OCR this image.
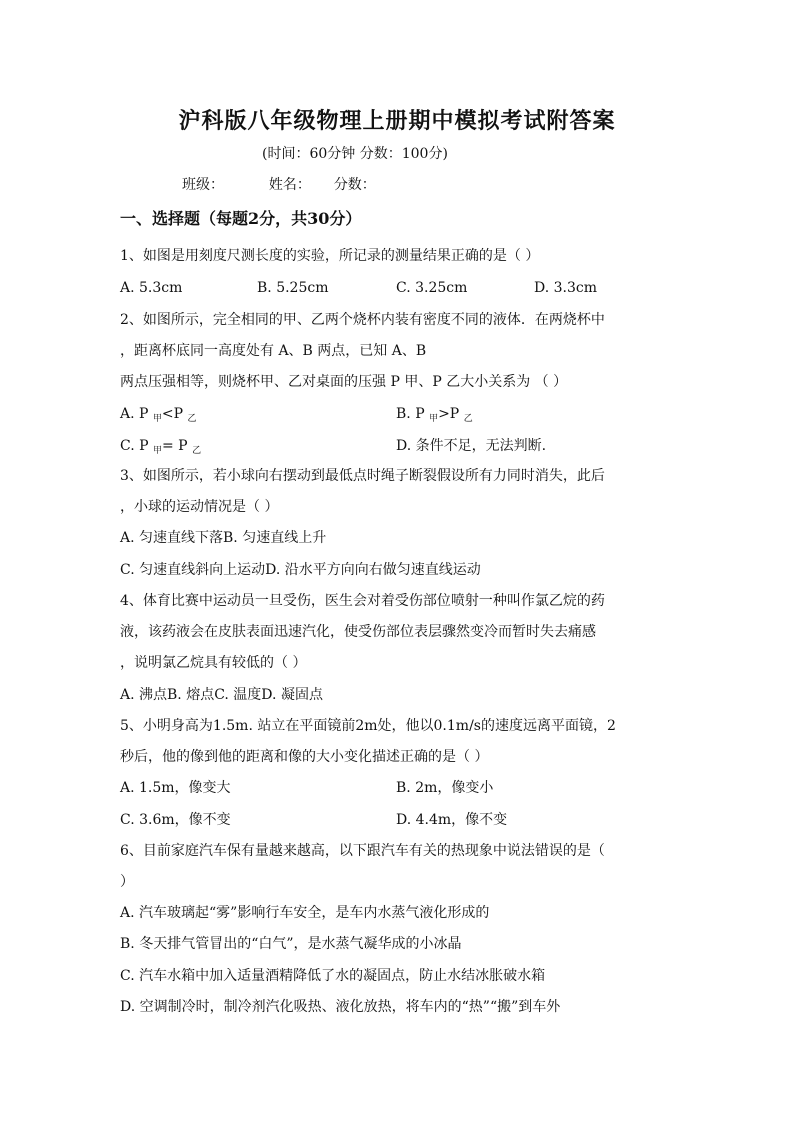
沪科版八年级物理上册期中模拟考试附答案
(时间：60分钟 分数：100分)
班级：	姓名： 分数：
一、选择题（每题2分，共30分）
1、如图是用刻度尺测长度的实验，所记录的测量结果正确的是（ ）
A. 5.3cm	B. 5.25cm	C. 3.25cm	D. 3.3cm
2、如图所示，完全相同的甲、乙两个烧杯内装有密度不同的液体．在两烧杯中
，距离杯底同一高度处有 A、B 两点，已知 A、B
两点压强相等，则烧杯甲、乙对桌面的压强 P 甲、P 乙大小关系为 （ ）
A. P $_甲$<P $_乙$	B. P $_甲$>P $_乙$
C. P $_甲$= P $_乙$	D. 条件不足，无法判断.
3、如图所示，若小球向右摆动到最低点时绳子断裂假设所有力同时消失，此后
，小球的运动情况是（ ）
A. 匀速直线下落B. 匀速直线上升
C. 匀速直线斜向上运动D. 沿水平方向向右做匀速直线运动
4、体育比赛中运动员一旦受伤，医生会对着受伤部位喷射一种叫作氯乙烷的药
液，该药液会在皮肤表面迅速汽化，使受伤部位表层骤然变冷而暂时失去痛感
，说明氯乙烷具有较低的（ ）
A. 沸点B. 熔点C. 温度D. 凝固点
5、小明身高为1.5m. 站立在平面镜前2m处，他以0.1m/s的速度远离平面镜，2
秒后，他的像到他的距离和像的大小变化描述正确的是（ ）
A. 1.5m，像变大	B. 2m，像变小
C. 3.6m，像不变	D. 4.4m，像不变
6、目前家庭汽车保有量越来越高，以下跟汽车有关的热现象中说法错误的是（
）
A. 汽车玻璃起“雾”影响行车安全，是车内水蒸气液化形成的
B. 冬天排气管冒出的“白气”，是水蒸气凝华成的小冰晶
C. 汽车水箱中加入适量酒精降低了水的凝固点，防止水结冰胀破水箱
D. 空调制冷时，制冷剂汽化吸热、液化放热，将车内的“热”“搬”到车外
